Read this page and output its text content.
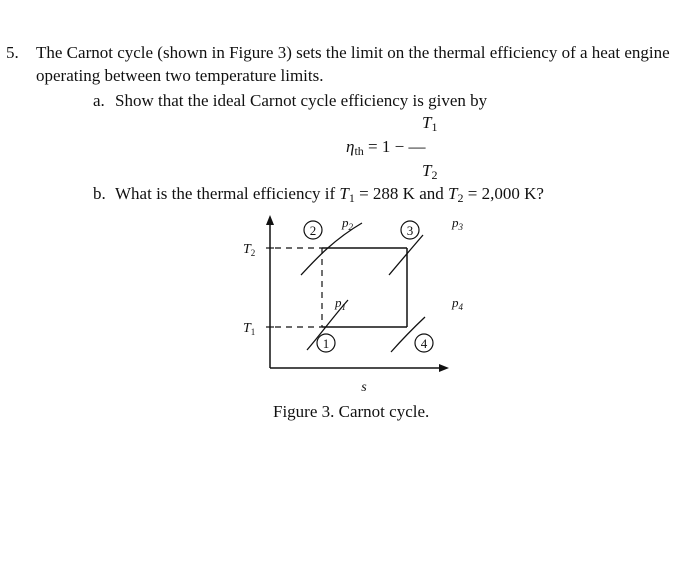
5. The Carnot cycle (shown in Figure 3) sets the limit on the thermal efficiency of a heat engine
operating between two temperature limits.
a. Show that the ideal Carnot cycle efficiency is given by
$T_1$
$\eta_{th} = 1$ − —
$T_2$
b. What is the thermal efficiency if $T_1 = 288$ K and $T_2 = 2,000$ K?
2	3
1	4
$p_2$	$p_3$
$p_1$	$p_4$
$T_2$
$T_1$
s
Figure 3. Carnot cycle.
